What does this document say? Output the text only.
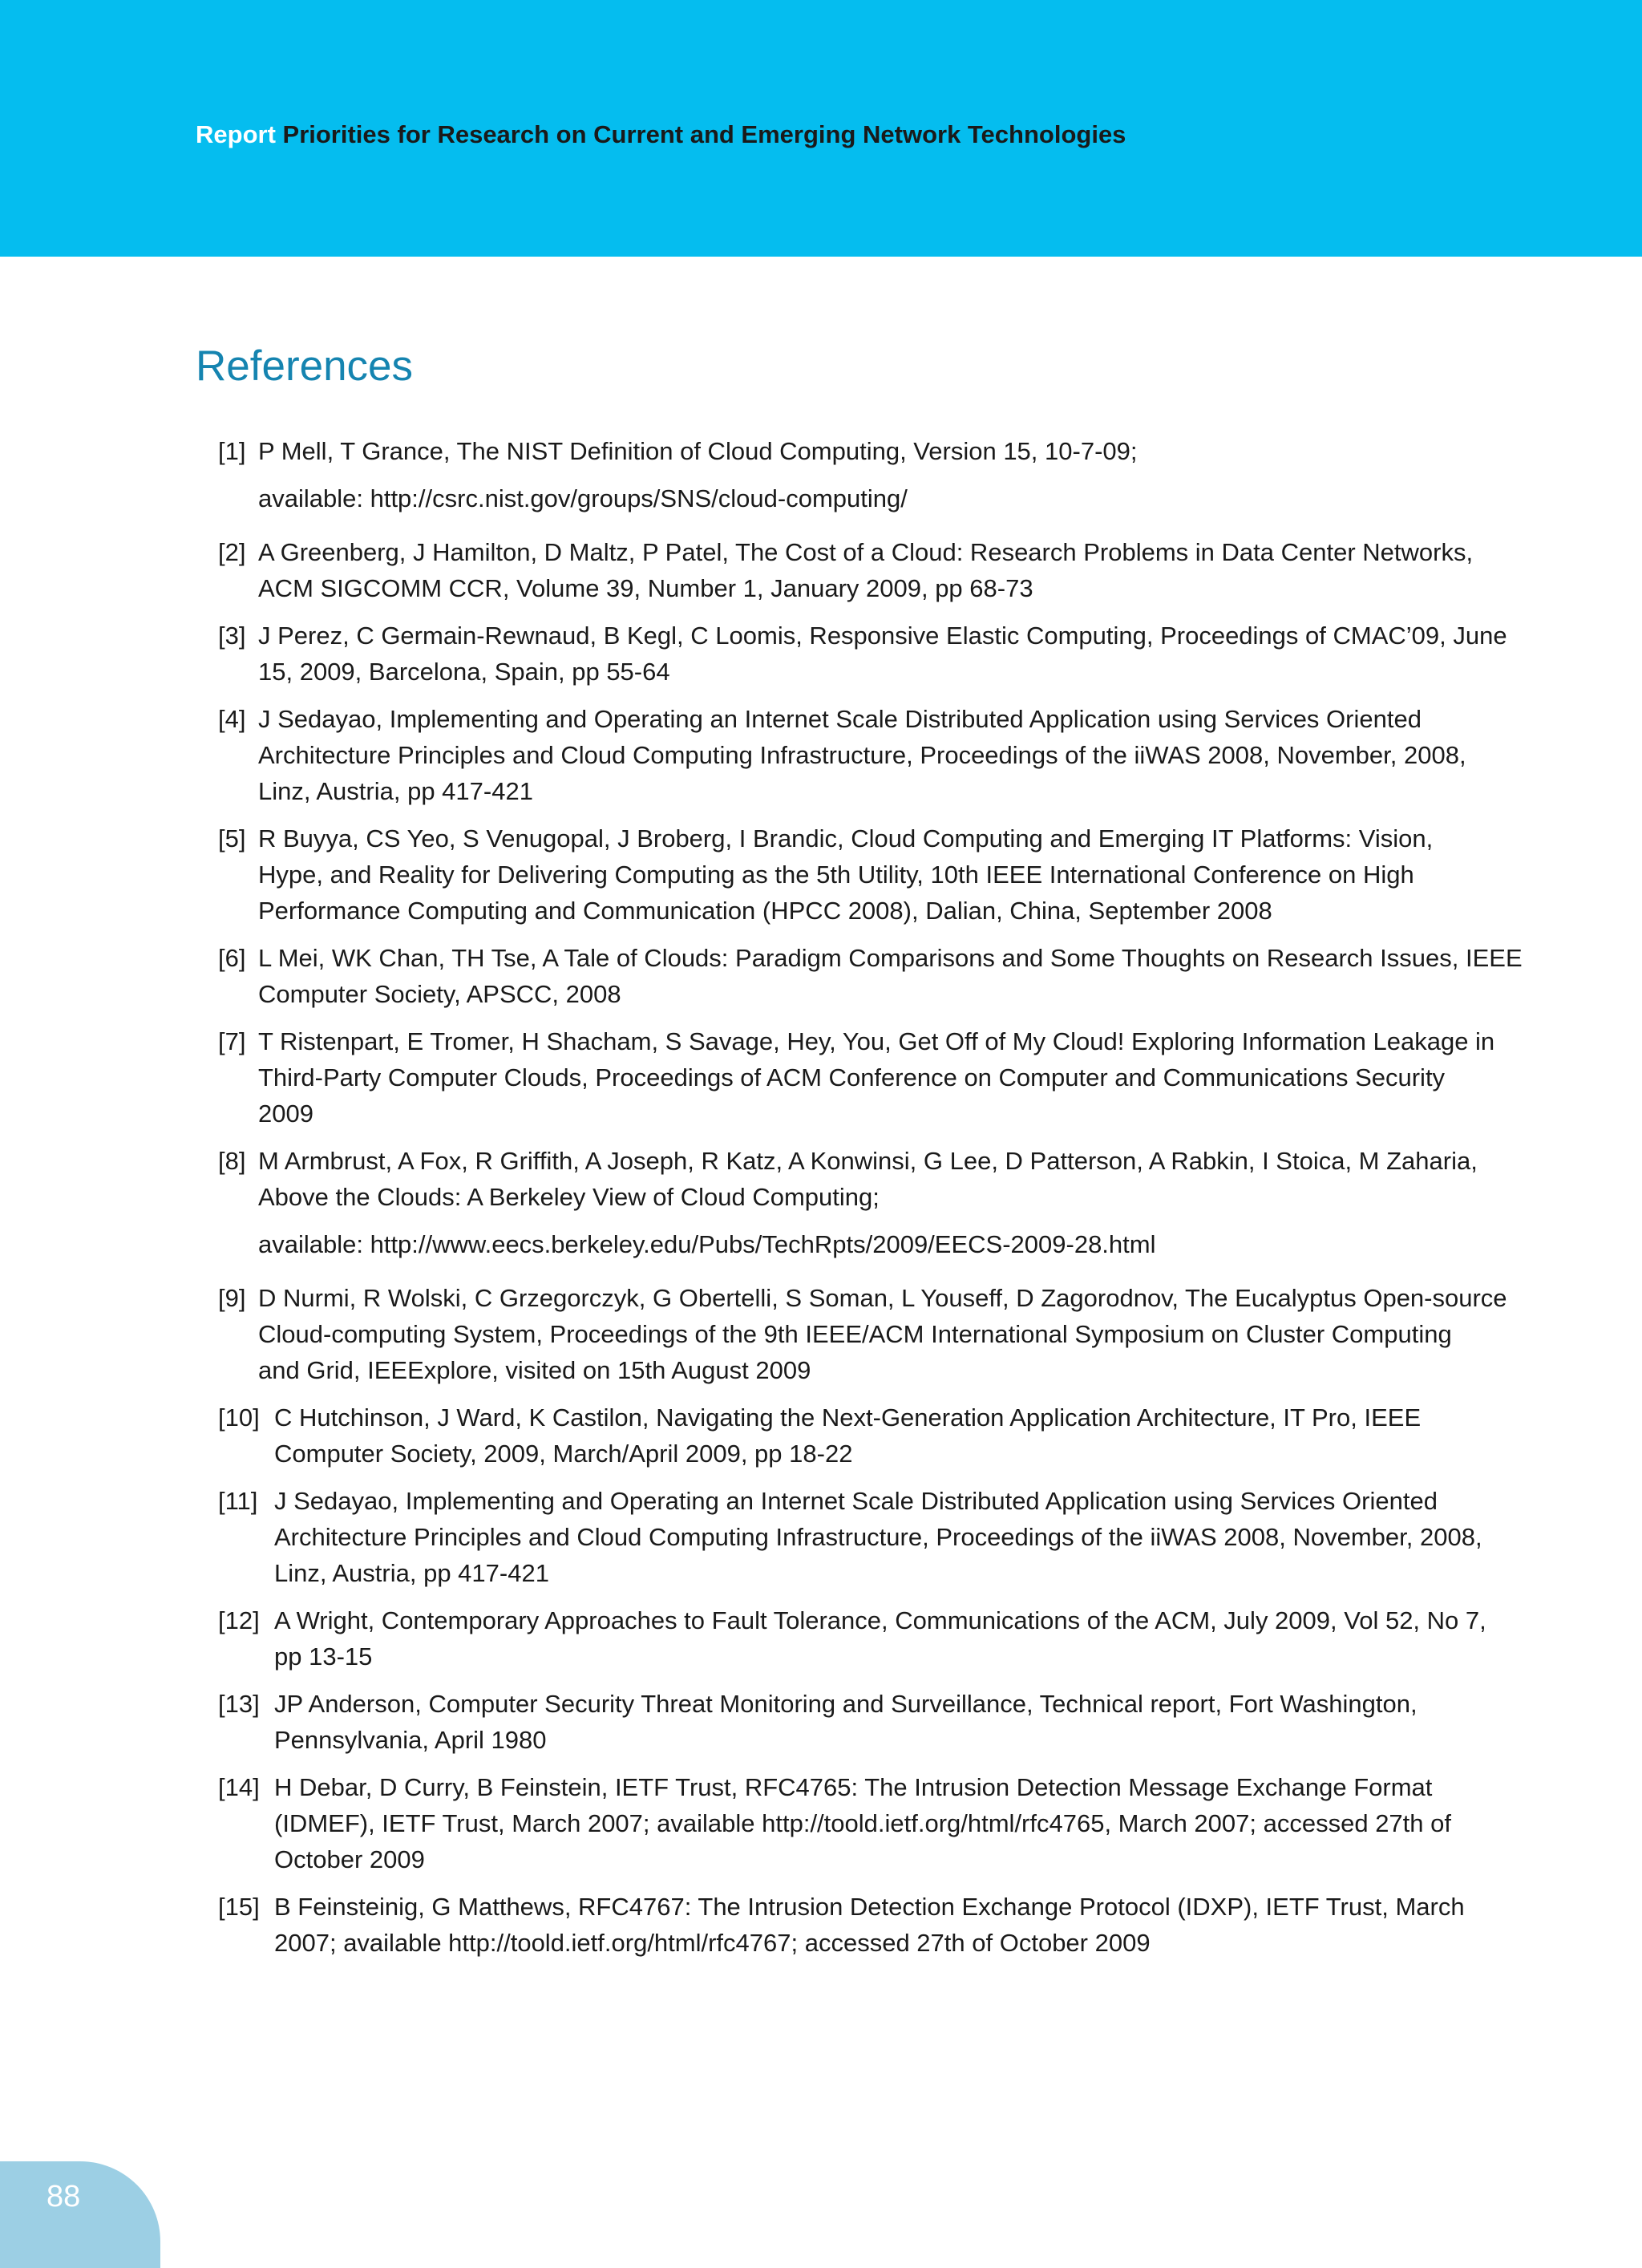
Report Priorities for Research on Current and Emerging Network Technologies
References
[1] P Mell, T Grance, The NIST Definition of Cloud Computing, Version 15, 10-7-09;
available: http://csrc.nist.gov/groups/SNS/cloud-computing/
[2] A Greenberg, J Hamilton, D Maltz, P Patel, The Cost of a Cloud: Research Problems in Data Center Networks,
ACM SIGCOMM CCR, Volume 39, Number 1, January 2009, pp 68-73
[3] J Perez, C Germain-Rewnaud, B Kegl, C Loomis, Responsive Elastic Computing, Proceedings of CMAC’09, June
15, 2009, Barcelona, Spain, pp 55-64
[4] J Sedayao, Implementing and Operating an Internet Scale Distributed Application using Services Oriented
Architecture Principles and Cloud Computing Infrastructure, Proceedings of the iiWAS 2008, November, 2008,
Linz, Austria, pp 417-421
[5] R Buyya, CS Yeo, S Venugopal, J Broberg, I Brandic, Cloud Computing and Emerging IT Platforms: Vision,
Hype, and Reality for Delivering Computing as the 5th Utility, 10th IEEE International Conference on High
Performance Computing and Communication (HPCC 2008), Dalian, China, September 2008
[6] L Mei, WK Chan, TH Tse, A Tale of Clouds: Paradigm Comparisons and Some Thoughts on Research Issues, IEEE
Computer Society, APSCC, 2008
[7] T Ristenpart, E Tromer, H Shacham, S Savage, Hey, You, Get Off of My Cloud! Exploring Information Leakage in
Third-Party Computer Clouds, Proceedings of ACM Conference on Computer and Communications Security
2009
[8] M Armbrust, A Fox, R Griffith, A Joseph, R Katz, A Konwinsi, G Lee, D Patterson, A Rabkin, I Stoica, M Zaharia,
Above the Clouds: A Berkeley View of Cloud Computing;
available: http://www.eecs.berkeley.edu/Pubs/TechRpts/2009/EECS-2009-28.html
[9] D Nurmi, R Wolski, C Grzegorczyk, G Obertelli, S Soman, L Youseff, D Zagorodnov, The Eucalyptus Open-source
Cloud-computing System, Proceedings of the 9th IEEE/ACM International Symposium on Cluster Computing
and Grid, IEEExplore, visited on 15th August 2009
[10] C Hutchinson, J Ward, K Castilon, Navigating the Next-Generation Application Architecture, IT Pro, IEEE
Computer Society, 2009, March/April 2009, pp 18-22
[11] J Sedayao, Implementing and Operating an Internet Scale Distributed Application using Services Oriented
Architecture Principles and Cloud Computing Infrastructure, Proceedings of the iiWAS 2008, November, 2008,
Linz, Austria, pp 417-421
[12] A Wright, Contemporary Approaches to Fault Tolerance, Communications of the ACM, July 2009, Vol 52, No 7,
pp 13-15
[13] JP Anderson, Computer Security Threat Monitoring and Surveillance, Technical report, Fort Washington,
Pennsylvania, April 1980
[14] H Debar, D Curry, B Feinstein, IETF Trust, RFC4765: The Intrusion Detection Message Exchange Format
(IDMEF), IETF Trust, March 2007; available http://toold.ietf.org/html/rfc4765, March 2007; accessed 27th of
October 2009
[15] B Feinsteinig, G Matthews, RFC4767: The Intrusion Detection Exchange Protocol (IDXP), IETF Trust, March
2007; available http://toold.ietf.org/html/rfc4767; accessed 27th of October 2009
88
